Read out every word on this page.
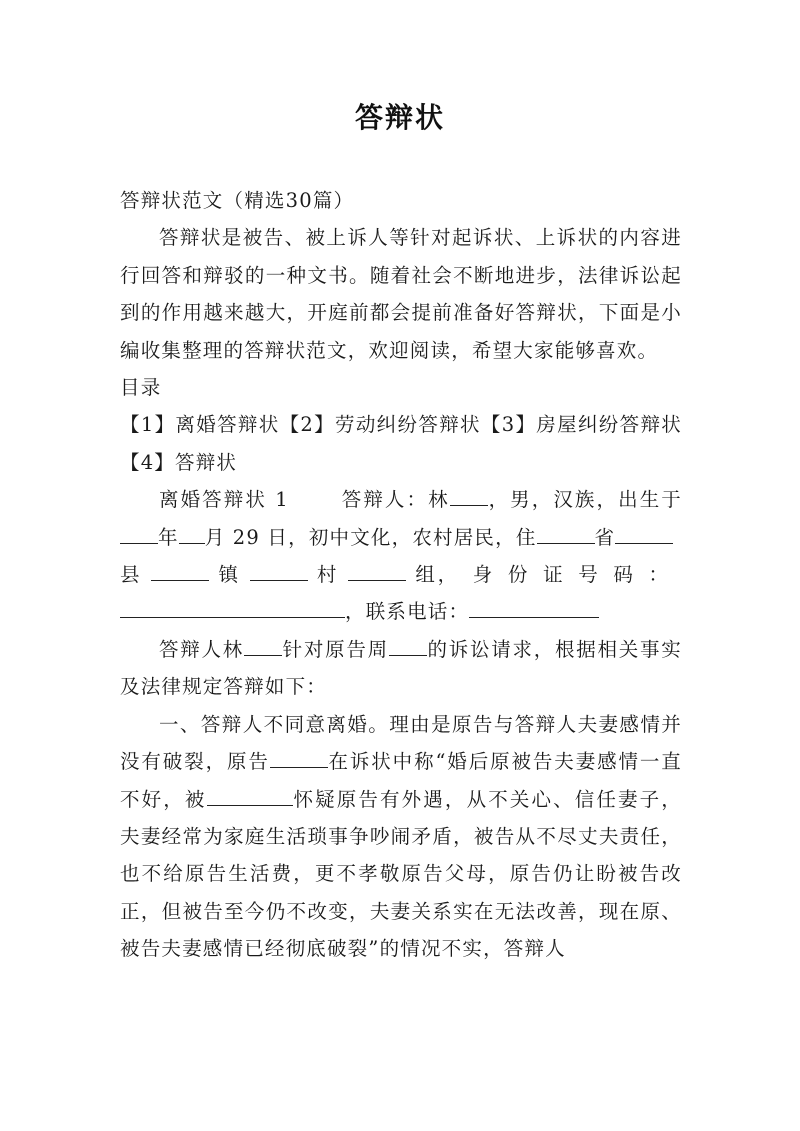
答辩状

答辩状范文（精选30篇）

答辩状是被告、被上诉人等针对起诉状、上诉状的内容进行回答和辩驳的一种文书。随着社会不断地进步，法律诉讼起到的作用越来越大，开庭前都会提前准备好答辩状，下面是小编收集整理的答辩状范文，欢迎阅读，希望大家能够喜欢。

目录

【1】离婚答辩状【2】劳动纠纷答辩状【3】房屋纠纷答辩状【4】答辩状

离婚答辩状 1	答辩人：林 ，男，汉族，出生于年 月 29 日，初中文化，农村居民，住	省

县	镇	村	组，身份证号码：

，联系电话：

答辩人林 针对原告周 的诉讼请求，根据相关事实及法律规定答辩如下：

一、答辩人不同意离婚。理由是原告与答辩人夫妻感情并没有破裂，原告	在诉状中称“婚后原被告夫妻感情一直不好，被	怀疑原告有外遇，从不关心、信任妻子，夫妻经常为家庭生活琐事争吵闹矛盾，被告从不尽丈夫责任，也不给原告生活费，更不孝敬原告父母，原告仍让盼被告改正，但被告至今仍不改变，夫妻关系实在无法改善，现在原、被告夫妻感情已经彻底破裂”的情况不实，答辩人
